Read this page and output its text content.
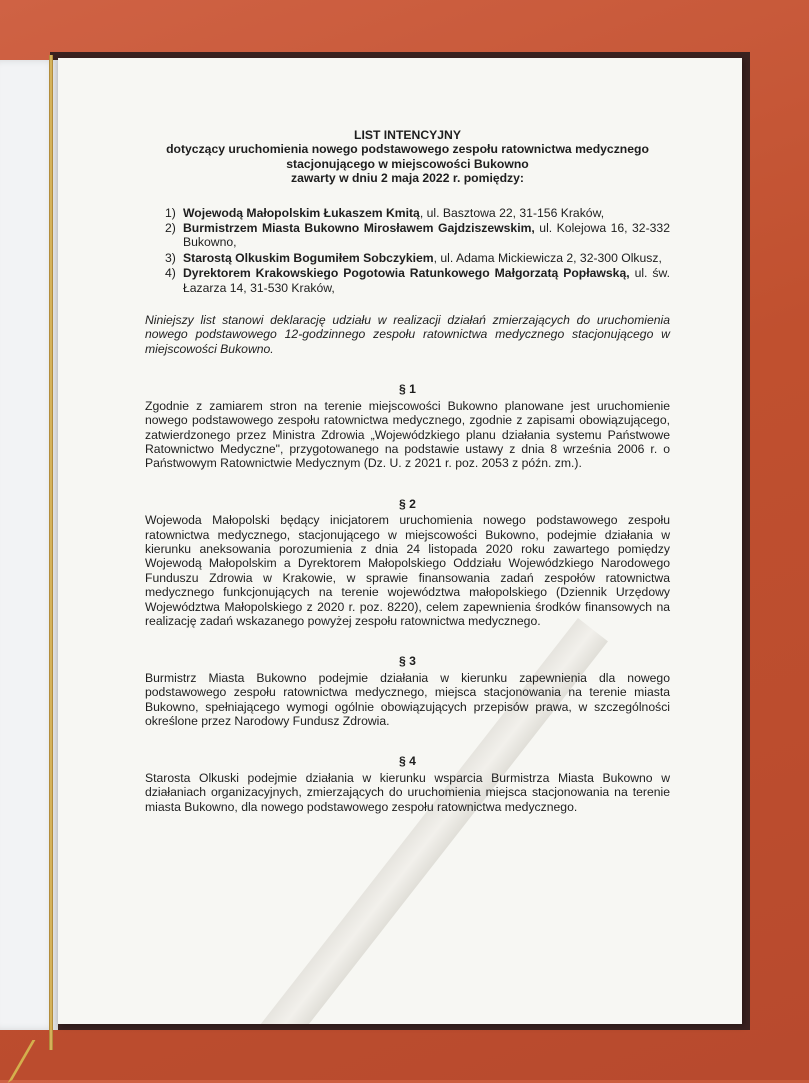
LIST INTENCYJNY
dotyczący uruchomienia nowego podstawowego zespołu ratownictwa medycznego
stacjonującego w miejscowości Bukowno
zawarty w dniu 2 maja 2022 r. pomiędzy:
1) Wojewodą Małopolskim Łukaszem Kmitą, ul. Basztowa 22, 31-156 Kraków,
2) Burmistrzem Miasta Bukowno Mirosławem Gajdziszewskim, ul. Kolejowa 16, 32-332 Bukowno,
3) Starostą Olkuskim Bogumiłem Sobczykiem, ul. Adama Mickiewicza 2, 32-300 Olkusz,
4) Dyrektorem Krakowskiego Pogotowia Ratunkowego Małgorzatą Popławską, ul. św. Łazarza 14, 31-530 Kraków,
Niniejszy list stanowi deklarację udziału w realizacji działań zmierzających do uruchomienia nowego podstawowego 12-godzinnego zespołu ratownictwa medycznego stacjonującego w miejscowości Bukowno.
§ 1
Zgodnie z zamiarem stron na terenie miejscowości Bukowno planowane jest uruchomienie nowego podstawowego zespołu ratownictwa medycznego, zgodnie z zapisami obowiązującego, zatwierdzonego przez Ministra Zdrowia „Wojewódzkiego planu działania systemu Państwowe Ratownictwo Medyczne", przygotowanego na podstawie ustawy z dnia 8 września 2006 r. o Państwowym Ratownictwie Medycznym (Dz. U. z 2021 r. poz. 2053 z późn. zm.).
§ 2
Wojewoda Małopolski będący inicjatorem uruchomienia nowego podstawowego zespołu ratownictwa medycznego, stacjonującego w miejscowości Bukowno, podejmie działania w kierunku aneksowania porozumienia z dnia 24 listopada 2020 roku zawartego pomiędzy Wojewodą Małopolskim a Dyrektorem Małopolskiego Oddziału Wojewódzkiego Narodowego Funduszu Zdrowia w Krakowie, w sprawie finansowania zadań zespołów ratownictwa medycznego funkcjonujących na terenie województwa małopolskiego (Dziennik Urzędowy Województwa Małopolskiego z 2020 r. poz. 8220), celem zapewnienia środków finansowych na realizację zadań wskazanego powyżej zespołu ratownictwa medycznego.
§ 3
Burmistrz Miasta Bukowno podejmie działania w kierunku zapewnienia dla nowego podstawowego zespołu ratownictwa medycznego, miejsca stacjonowania na terenie miasta Bukowno, spełniającego wymogi ogólnie obowiązujących przepisów prawa, w szczególności określone przez Narodowy Fundusz Zdrowia.
§ 4
Starosta Olkuski podejmie działania w kierunku wsparcia Burmistrza Miasta Bukowno w działaniach organizacyjnych, zmierzających do uruchomienia miejsca stacjonowania na terenie miasta Bukowno, dla nowego podstawowego zespołu ratownictwa medycznego.
